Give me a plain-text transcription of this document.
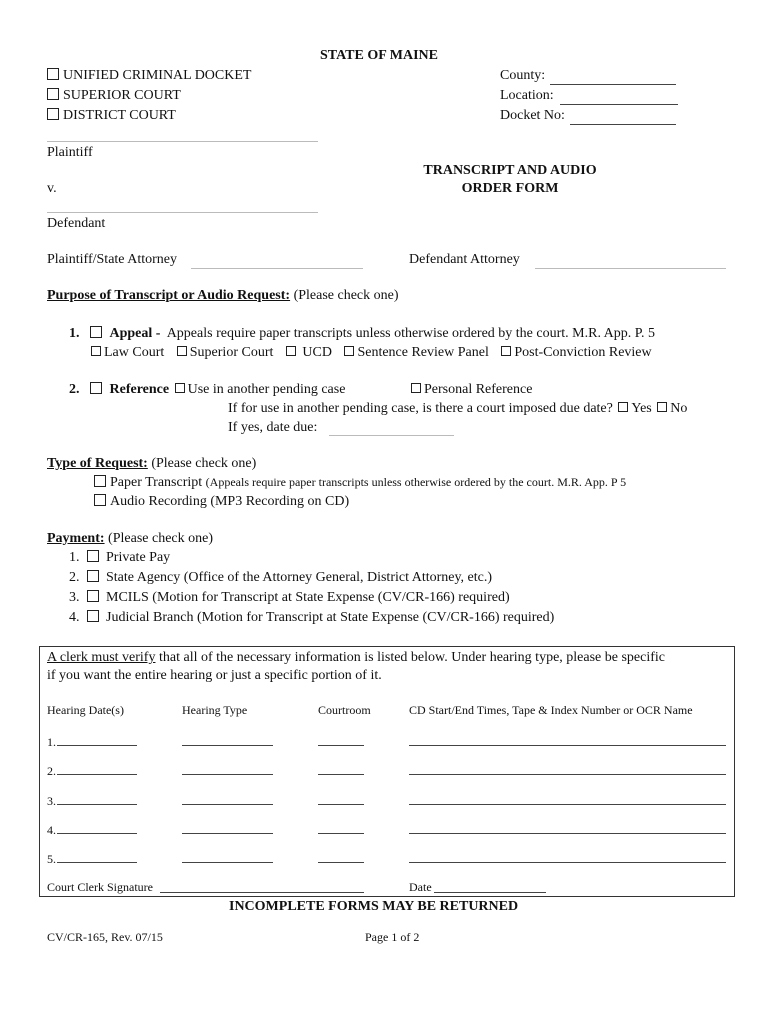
STATE OF MAINE
UNIFIED CRIMINAL DOCKET
SUPERIOR COURT
DISTRICT COURT
County:
Location:
Docket No:
Plaintiff
v.
Defendant
TRANSCRIPT AND AUDIO
ORDER FORM
Plaintiff/State Attorney	Defendant Attorney
Purpose of Transcript or Audio Request: (Please check one)
1. Appeal - Appeals require paper transcripts unless otherwise ordered by the court. M.R. App. P. 5
Law Court Superior Court UCD Sentence Review Panel Post-Conviction Review
2. Reference Use in another pending case	Personal Reference
If for use in another pending case, is there a court imposed due date? Yes No
If yes, date due:
Type of Request: (Please check one)
Paper Transcript (Appeals require paper transcripts unless otherwise ordered by the court. M.R. App. P 5
Audio Recording (MP3 Recording on CD)
Payment: (Please check one)
1. Private Pay
2. State Agency (Office of the Attorney General, District Attorney, etc.)
3. MCILS (Motion for Transcript at State Expense (CV/CR-166) required)
4. Judicial Branch (Motion for Transcript at State Expense (CV/CR-166) required)
A clerk must verify that all of the necessary information is listed below. Under hearing type, please be specific
if you want the entire hearing or just a specific portion of it.
Hearing Date(s)	Hearing Type	Courtroom	CD Start/End Times, Tape & Index Number or OCR Name
1.
2.
3.
4.
5.
Court Clerk Signature	Date
INCOMPLETE FORMS MAY BE RETURNED
CV/CR-165, Rev. 07/15	Page 1 of 2
